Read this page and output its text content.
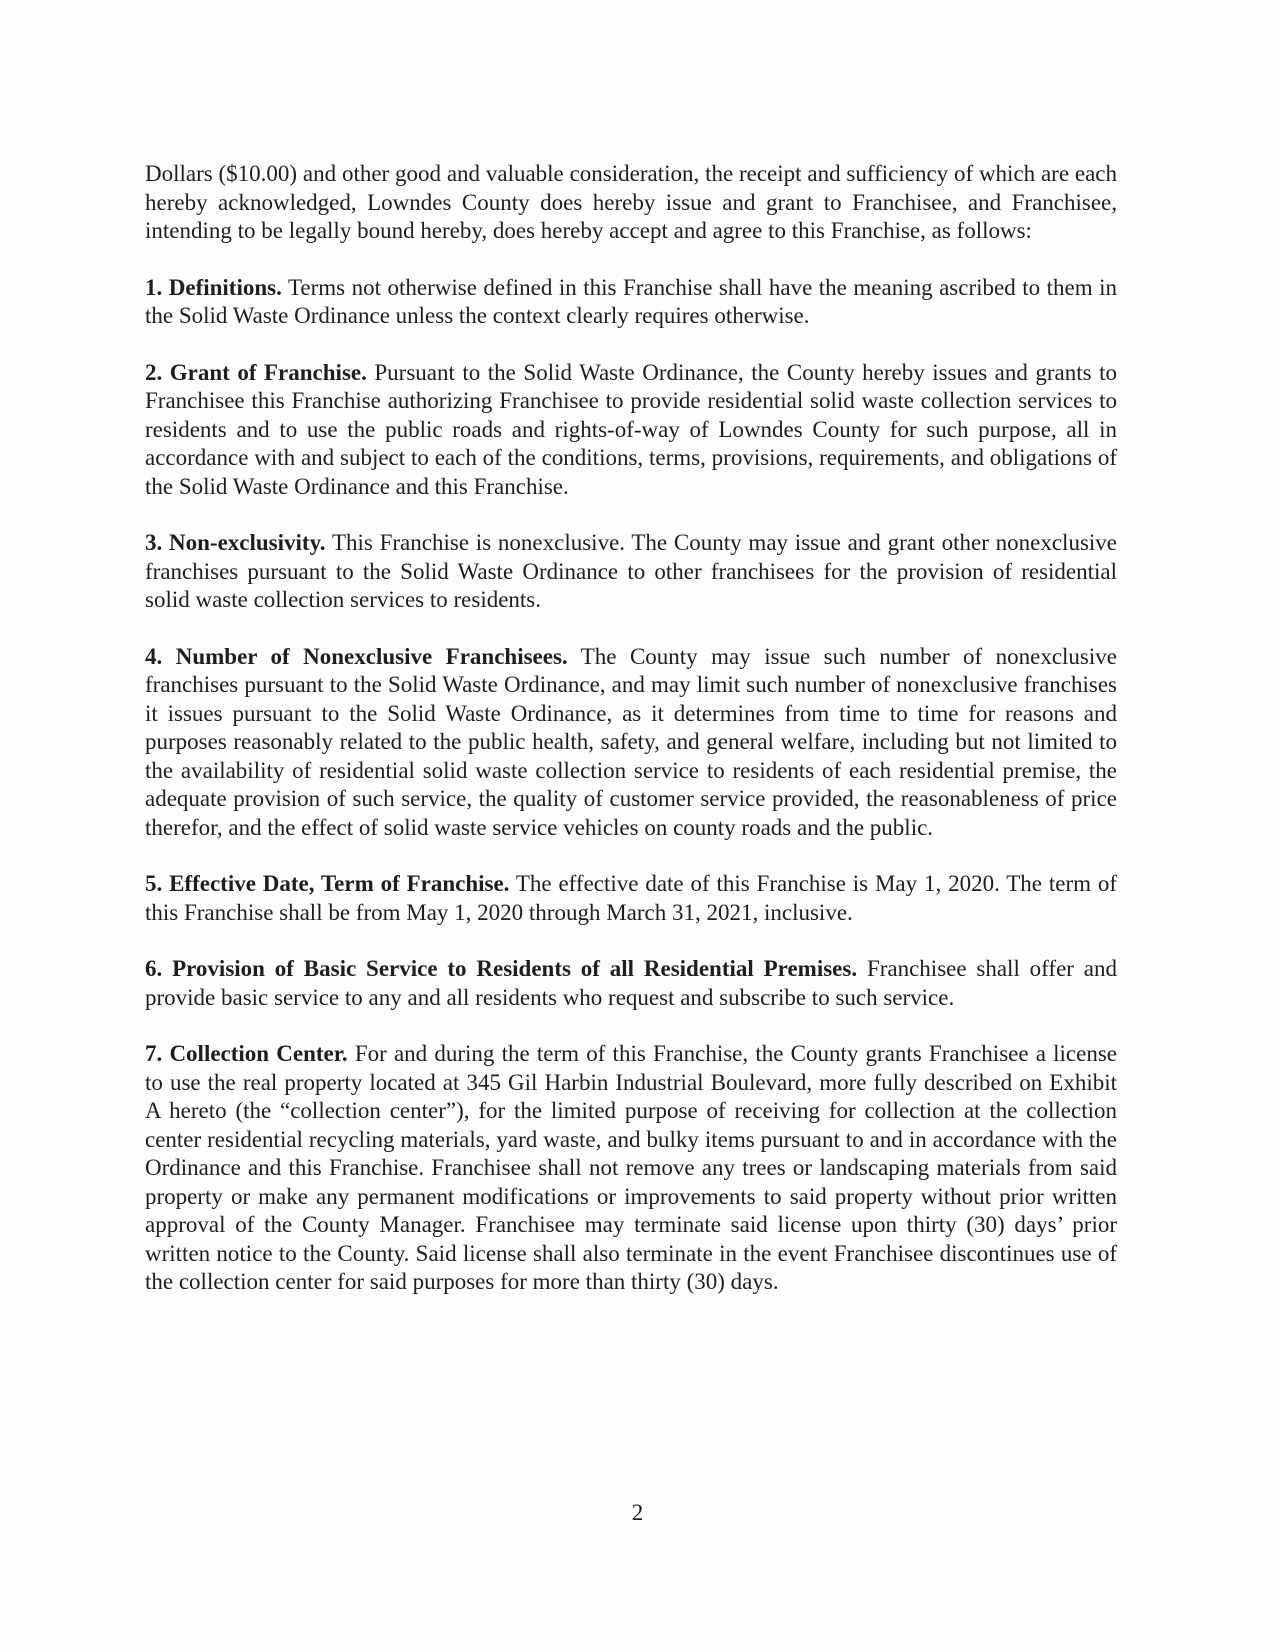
Dollars ($10.00) and other good and valuable consideration, the receipt and sufficiency of which are each hereby acknowledged, Lowndes County does hereby issue and grant to Franchisee, and Franchisee, intending to be legally bound hereby, does hereby accept and agree to this Franchise, as follows:

1. Definitions. Terms not otherwise defined in this Franchise shall have the meaning ascribed to them in the Solid Waste Ordinance unless the context clearly requires otherwise.

2. Grant of Franchise. Pursuant to the Solid Waste Ordinance, the County hereby issues and grants to Franchisee this Franchise authorizing Franchisee to provide residential solid waste collection services to residents and to use the public roads and rights-of-way of Lowndes County for such purpose, all in accordance with and subject to each of the conditions, terms, provisions, requirements, and obligations of the Solid Waste Ordinance and this Franchise.

3. Non-exclusivity. This Franchise is nonexclusive. The County may issue and grant other nonexclusive franchises pursuant to the Solid Waste Ordinance to other franchisees for the provision of residential solid waste collection services to residents.

4. Number of Nonexclusive Franchisees. The County may issue such number of nonexclusive franchises pursuant to the Solid Waste Ordinance, and may limit such number of nonexclusive franchises it issues pursuant to the Solid Waste Ordinance, as it determines from time to time for reasons and purposes reasonably related to the public health, safety, and general welfare, including but not limited to the availability of residential solid waste collection service to residents of each residential premise, the adequate provision of such service, the quality of customer service provided, the reasonableness of price therefor, and the effect of solid waste service vehicles on county roads and the public.

5. Effective Date, Term of Franchise. The effective date of this Franchise is May 1, 2020. The term of this Franchise shall be from May 1, 2020 through March 31, 2021, inclusive.

6. Provision of Basic Service to Residents of all Residential Premises. Franchisee shall offer and provide basic service to any and all residents who request and subscribe to such service.

7. Collection Center. For and during the term of this Franchise, the County grants Franchisee a license to use the real property located at 345 Gil Harbin Industrial Boulevard, more fully described on Exhibit A hereto (the “collection center”), for the limited purpose of receiving for collection at the collection center residential recycling materials, yard waste, and bulky items pursuant to and in accordance with the Ordinance and this Franchise. Franchisee shall not remove any trees or landscaping materials from said property or make any permanent modifications or improvements to said property without prior written approval of the County Manager. Franchisee may terminate said license upon thirty (30) days’ prior written notice to the County. Said license shall also terminate in the event Franchisee discontinues use of the collection center for said purposes for more than thirty (30) days.

2
